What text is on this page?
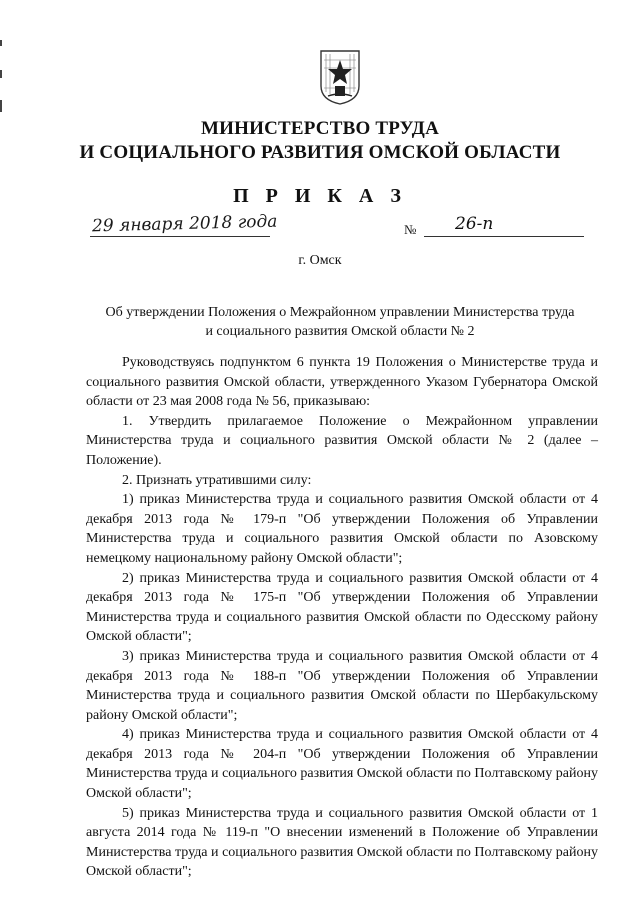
МИНИСТЕРСТВО ТРУДА
И СОЦИАЛЬНОГО РАЗВИТИЯ ОМСКОЙ ОБЛАСТИ
П Р И К А З
29 января 2018 года	№ 26-п
г. Омск
Об утверждении Положения о Межрайонном управлении Министерства труда
и социального развития Омской области № 2

Руководствуясь подпунктом 6 пункта 19 Положения о Министерстве труда и социального развития Омской области, утвержденного Указом Губернатора Омской области от 23 мая 2008 года № 56, приказываю:

1. Утвердить прилагаемое Положение о Межрайонном управлении Министерства труда и социального развития Омской области № 2 (далее – Положение).

2. Признать утратившими силу:

1) приказ Министерства труда и социального развития Омской области от 4 декабря 2013 года № 179-п "Об утверждении Положения об Управлении Министерства труда и социального развития Омской области по Азовскому немецкому национальному району Омской области";

2) приказ Министерства труда и социального развития Омской области от 4 декабря 2013 года № 175-п "Об утверждении Положения об Управлении Министерства труда и социального развития Омской области по Одесскому району Омской области";

3) приказ Министерства труда и социального развития Омской области от 4 декабря 2013 года № 188-п "Об утверждении Положения об Управлении Министерства труда и социального развития Омской области по Шербакульскому району Омской области";

4) приказ Министерства труда и социального развития Омской области от 4 декабря 2013 года № 204-п "Об утверждении Положения об Управлении Министерства труда и социального развития Омской области по Полтавскому району Омской области";

5) приказ Министерства труда и социального развития Омской области от 1 августа 2014 года № 119-п "О внесении изменений в Положение об Управлении Министерства труда и социального развития Омской области по Полтавскому району Омской области";
